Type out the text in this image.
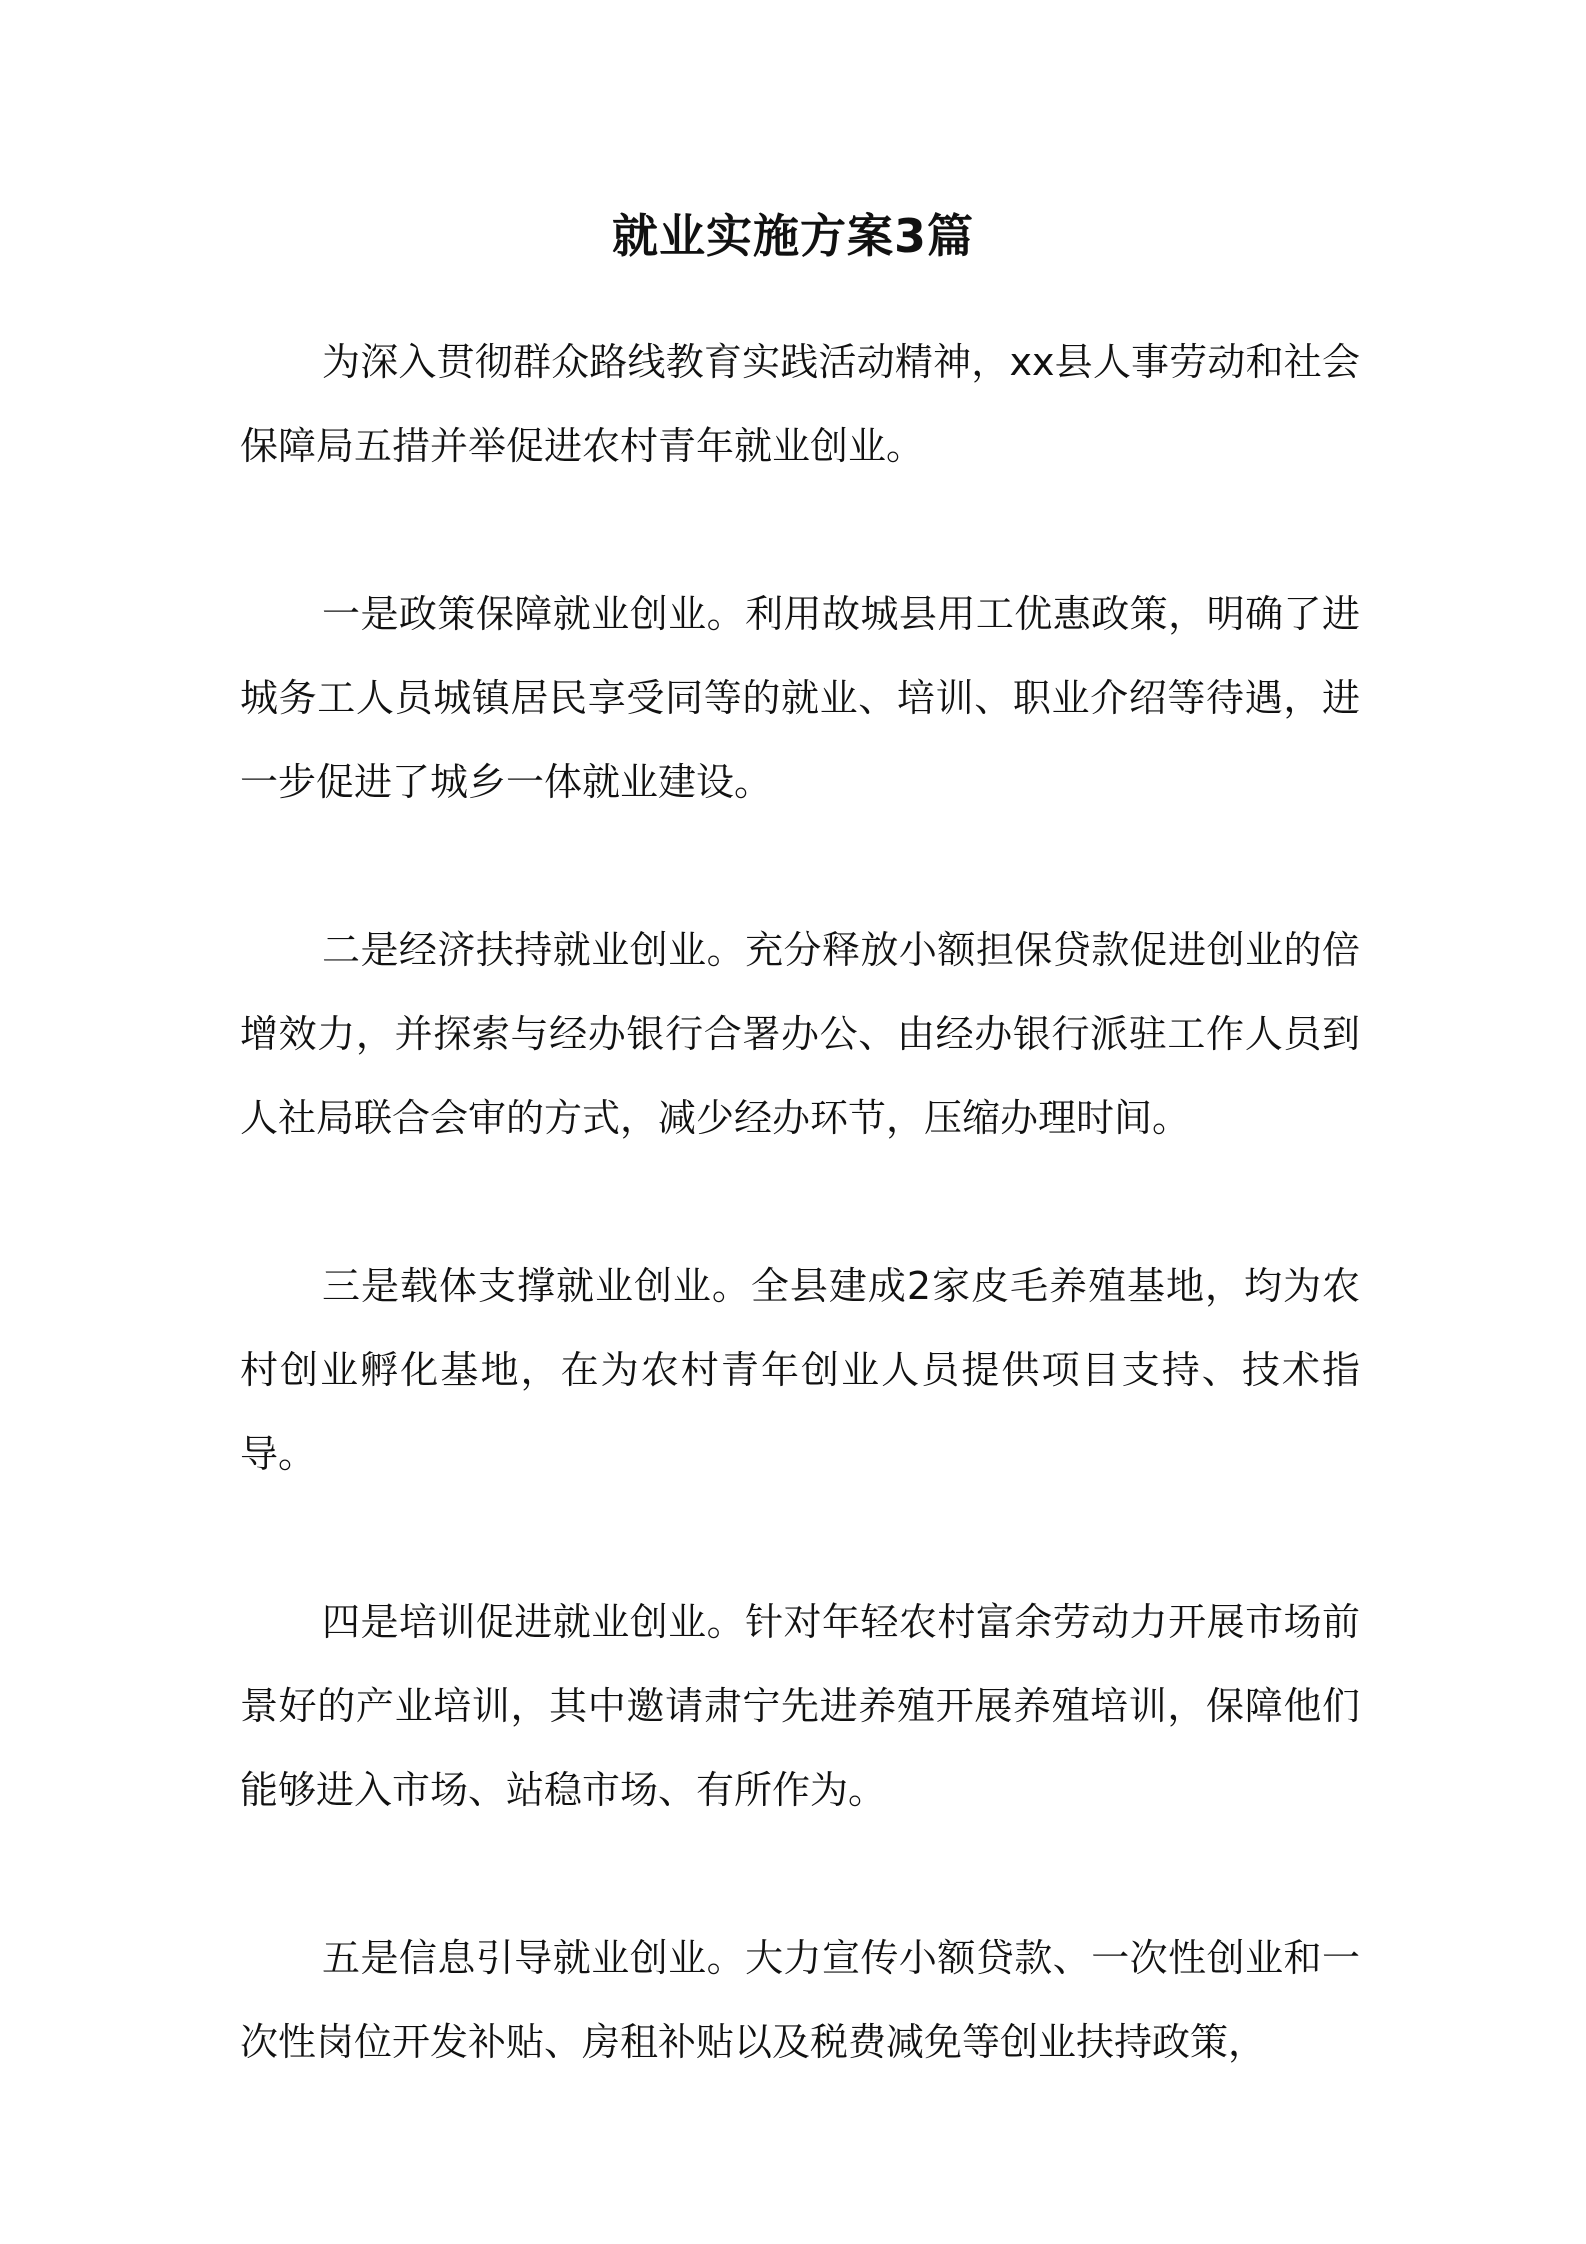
就业实施方案3篇

为深入贯彻群众路线教育实践活动精神，xx县人事劳动和社会保障局五措并举促进农村青年就业创业。

一是政策保障就业创业。利用故城县用工优惠政策，明确了进城务工人员城镇居民享受同等的就业、培训、职业介绍等待遇，进一步促进了城乡一体就业建设。

二是经济扶持就业创业。充分释放小额担保贷款促进创业的倍增效力，并探索与经办银行合署办公、由经办银行派驻工作人员到人社局联合会审的方式，减少经办环节，压缩办理时间。

三是载体支撑就业创业。全县建成2家皮毛养殖基地，均为农村创业孵化基地，在为农村青年创业人员提供项目支持、技术指导。

四是培训促进就业创业。针对年轻农村富余劳动力开展市场前景好的产业培训，其中邀请肃宁先进养殖开展养殖培训，保障他们能够进入市场、站稳市场、有所作为。

五是信息引导就业创业。大力宣传小额贷款、一次性创业和一次性岗位开发补贴、房租补贴以及税费减免等创业扶持政策，
